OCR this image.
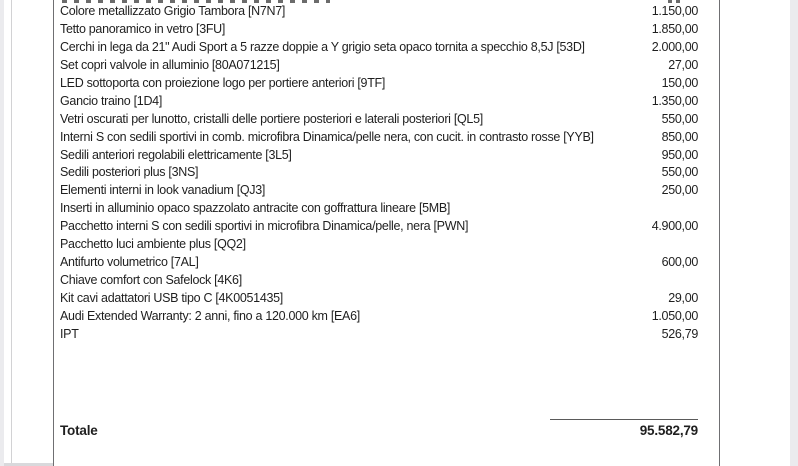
Colore metallizzato Grigio Tambora [N7N7]	1.150,00
Tetto panoramico in vetro [3FU]	1.850,00
Cerchi in lega da 21" Audi Sport a 5 razze doppie a Y grigio seta opaco tornita a specchio 8,5J [53D]	2.000,00
Set copri valvole in alluminio [80A071215]	27,00
LED sottoporta con proiezione logo per portiere anteriori [9TF]	150,00
Gancio traino [1D4]	1.350,00
Vetri oscurati per lunotto, cristalli delle portiere posteriori e laterali posteriori [QL5]	550,00
Interni S con sedili sportivi in comb. microfibra Dinamica/pelle nera, con cucit. in contrasto rosse [YYB]	850,00
Sedili anteriori regolabili elettricamente [3L5]	950,00
Sedili posteriori plus [3NS]	550,00
Elementi interni in look vanadium [QJ3]	250,00
Inserti in alluminio opaco spazzolato antracite con goffrattura lineare [5MB]
Pacchetto interni S con sedili sportivi in microfibra Dinamica/pelle, nera [PWN]	4.900,00
Pacchetto luci ambiente plus [QQ2]
Antifurto volumetrico [7AL]	600,00
Chiave comfort con Safelock [4K6]
Kit cavi adattatori USB tipo C [4K0051435]	29,00
Audi Extended Warranty: 2 anni, fino a 120.000 km [EA6]	1.050,00
IPT	526,79
Totale	95.582,79
